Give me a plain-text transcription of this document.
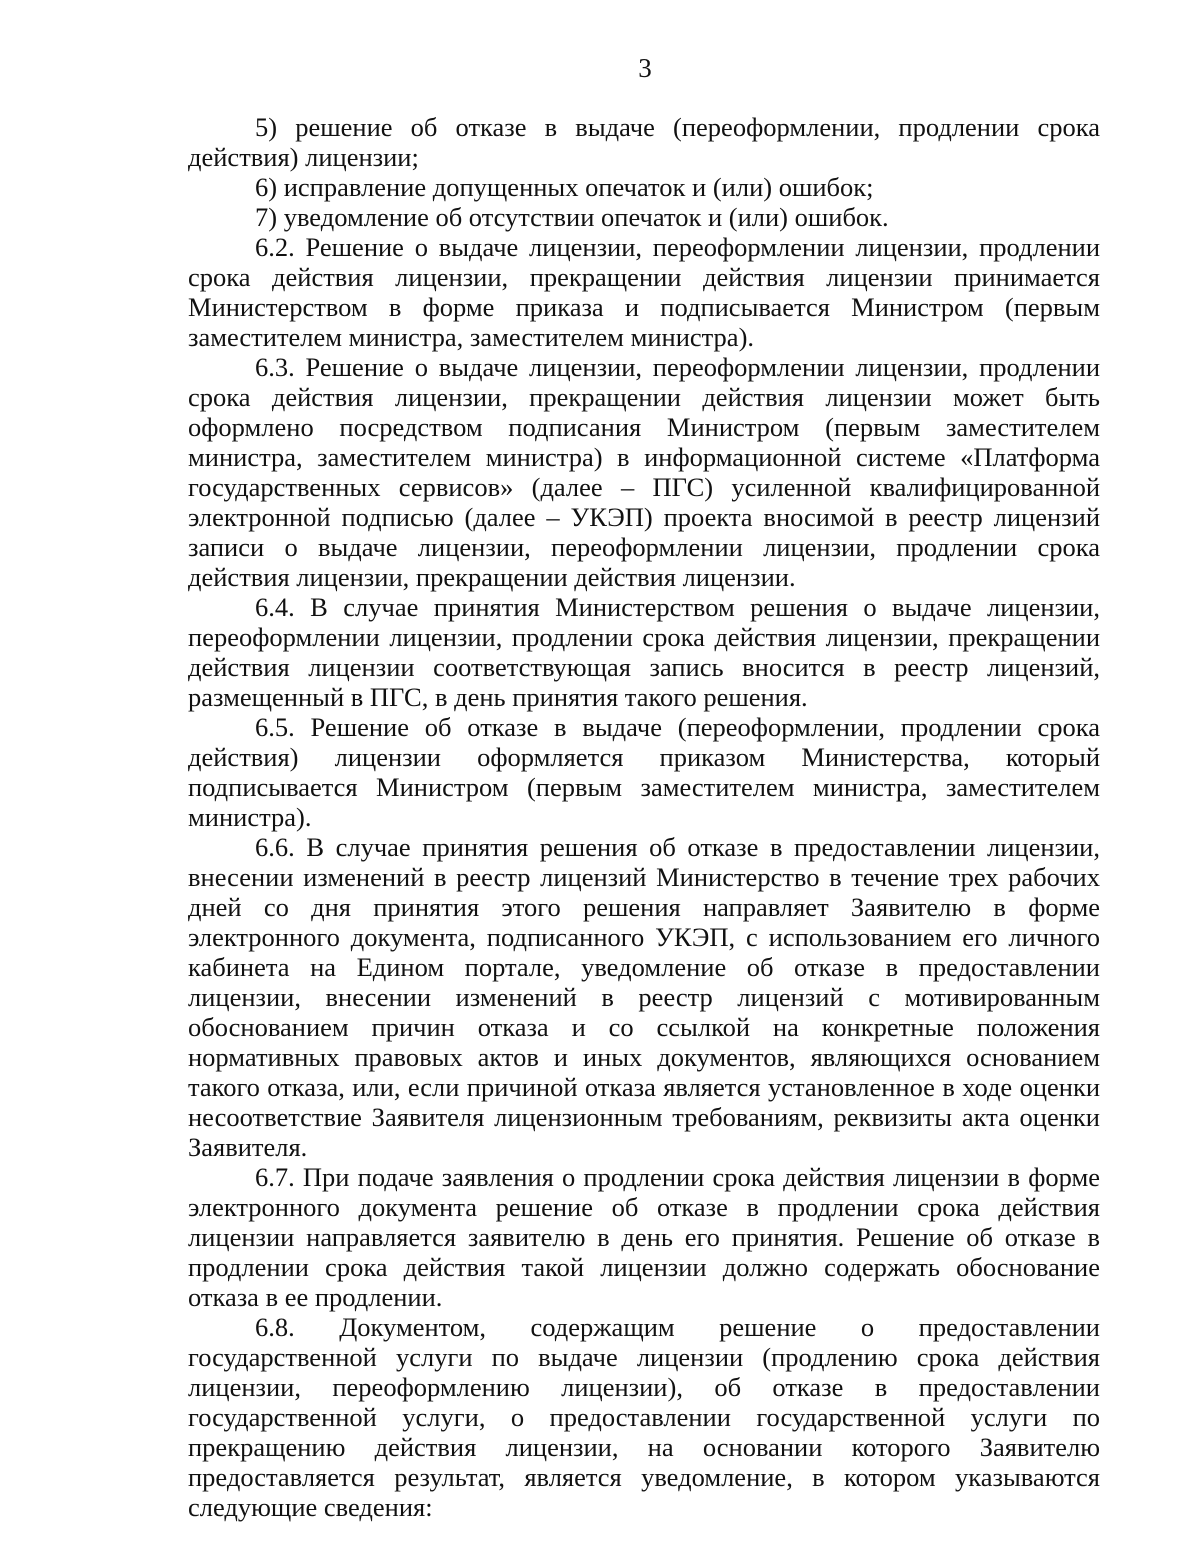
3

5) решение об отказе в выдаче (переоформлении, продлении срока действия) лицензии;

6) исправление допущенных опечаток и (или) ошибок;

7) уведомление об отсутствии опечаток и (или) ошибок.

6.2. Решение о выдаче лицензии, переоформлении лицензии, продлении срока действия лицензии, прекращении действия лицензии принимается Министерством в форме приказа и подписывается Министром (первым заместителем министра, заместителем министра).

6.3. Решение о выдаче лицензии, переоформлении лицензии, продлении срока действия лицензии, прекращении действия лицензии может быть оформлено посредством подписания Министром (первым заместителем министра, заместителем министра) в информационной системе «Платформа государственных сервисов» (далее – ПГС) усиленной квалифицированной электронной подписью (далее – УКЭП) проекта вносимой в реестр лицензий записи о выдаче лицензии, переоформлении лицензии, продлении срока действия лицензии, прекращении действия лицензии.

6.4. В случае принятия Министерством решения о выдаче лицензии, переоформлении лицензии, продлении срока действия лицензии, прекращении действия лицензии соответствующая запись вносится в реестр лицензий, размещенный в ПГС, в день принятия такого решения.

6.5. Решение об отказе в выдаче (переоформлении, продлении срока действия) лицензии оформляется приказом Министерства, который подписывается Министром (первым заместителем министра, заместителем министра).

6.6. В случае принятия решения об отказе в предоставлении лицензии, внесении изменений в реестр лицензий Министерство в течение трех рабочих дней со дня принятия этого решения направляет Заявителю в форме электронного документа, подписанного УКЭП, с использованием его личного кабинета на Едином портале, уведомление об отказе в предоставлении лицензии, внесении изменений в реестр лицензий с мотивированным обоснованием причин отказа и со ссылкой на конкретные положения нормативных правовых актов и иных документов, являющихся основанием такого отказа, или, если причиной отказа является установленное в ходе оценки несоответствие Заявителя лицензионным требованиям, реквизиты акта оценки Заявителя.

6.7. При подаче заявления о продлении срока действия лицензии в форме электронного документа решение об отказе в продлении срока действия лицензии направляется заявителю в день его принятия. Решение об отказе в продлении срока действия такой лицензии должно содержать обоснование отказа в ее продлении.

6.8. Документом, содержащим решение о предоставлении государственной услуги по выдаче лицензии (продлению срока действия лицензии, переоформлению лицензии), об отказе в предоставлении государственной услуги, о предоставлении государственной услуги по прекращению действия лицензии, на основании которого Заявителю предоставляется результат, является уведомление, в котором указываются следующие сведения:
